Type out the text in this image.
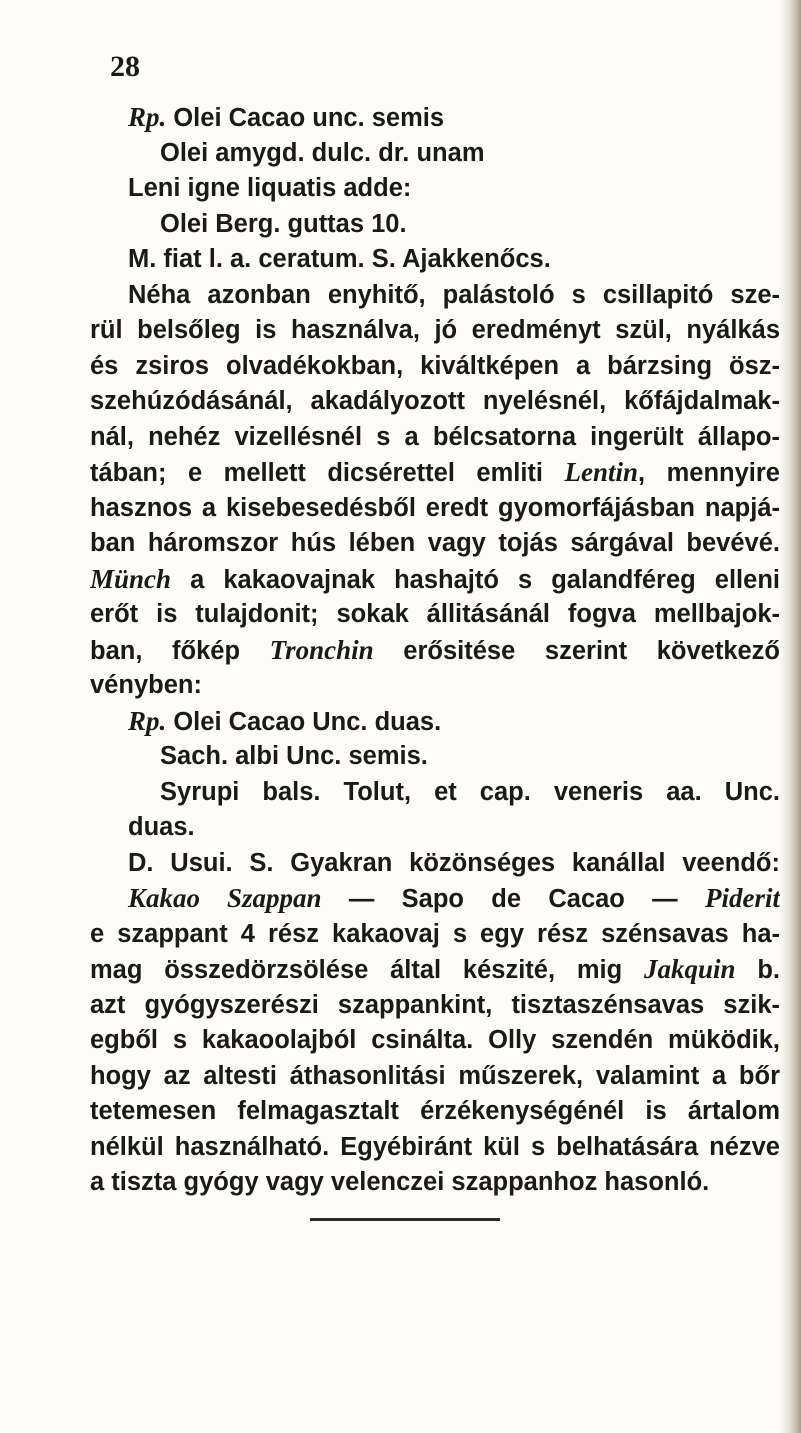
28
Rp. Olei Cacao unc. semis
Olei amygd. dulc. dr. unam
Leni igne liquatis adde:
Olei Berg. guttas 10.
M. fiat l. a. ceratum. S. Ajakkenőcs.
Néha azonban enyhitő, palástoló s csillapitó sze-
rül belsőleg is használva, jó eredményt szül, nyálkás
és zsiros olvadékokban, kiváltképen a bárzsing ösz-
szehúzódásánál, akadályozott nyelésnél, kőfájdalmak-
nál, nehéz vizellésnél s a bélcsatorna ingerült állapo-
tában; e mellett dicsérettel emliti Lentin, mennyire
hasznos a kisebesedésből eredt gyomorfájásban napjá-
ban háromszor hús lében vagy tojás sárgával bevévé.
Münch a kakaovajnak hashajtó s galandféreg elleni
erőt is tulajdonit; sokak állitásánál fogva mellbajok-
ban, főkép Tronchin erősitése szerint következő
vényben:
Rp. Olei Cacao Unc. duas.
Sach. albi Unc. semis.
Syrupi bals. Tolut, et cap. veneris aa. Unc.
duas.
D. Usui. S. Gyakran közönséges kanállal veendő:
Kakao Szappan — Sapo de Cacao — Piderit
e szappant 4 rész kakaovaj s egy rész szénsavas ha-
mag összedörzsölése által készité, mig Jakquin b.
azt gyógyszerészi szappankint, tisztaszénsavas szik-
egből s kakaoolajból csinálta. Olly szendén müködik,
hogy az altesti áthasonlitási műszerek, valamint a bőr
tetemesen felmagasztalt érzékenységénél is ártalom
nélkül használható. Egyébiránt kül s belhatására nézve
a tiszta gyógy vagy velenczei szappanhoz hasonló.
